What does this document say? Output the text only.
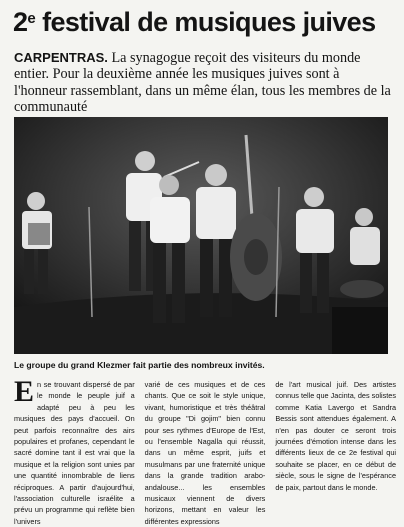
2e festival de musiques juives
CARPENTRAS. La synagogue reçoit des visiteurs du monde entier. Pour la deuxième année les musiques juives sont à l'honneur rassemblant, dans un même élan, tous les membres de la communauté
Le groupe du grand Klezmer fait partie des nombreux invités.

En se trouvant dispersé de par le monde le peuple juif a adapté peu à peu les musiques des pays d'accueil. On peut parfois reconnaître des airs populaires et profanes, cependant le sacré domine tant il est vrai que la musique et la religion sont unies par une quantité innombrable de liens réciproques. A partir d'aujourd'hui, l'association culturelle israélite a prévu un programme qui reflète bien l'univers

varié de ces musiques et de ces chants. Que ce soit le style unique, vivant, humoristique et très théâtral du groupe "Di gojim" bien connu pour ses rythmes d'Europe de l'Est, ou l'ensemble Nagalla qui réussit, dans un même esprit, juifs et musulmans par une fraternité unique dans la grande tradition arabo-andalouse... les ensembles musicaux viennent de divers horizons, mettant en valeur les différentes expressions

de l'art musical juif. Des artistes connus telle que Jacinta, des solistes comme Katia Lavergo et Sandra Bessis sont attendues également. A n'en pas douter ce seront trois journées d'émotion intense dans les différents lieux de ce 2e festival qui souhaite se placer, en ce début de siècle, sous le signe de l'espérance de paix, partout dans le monde.
